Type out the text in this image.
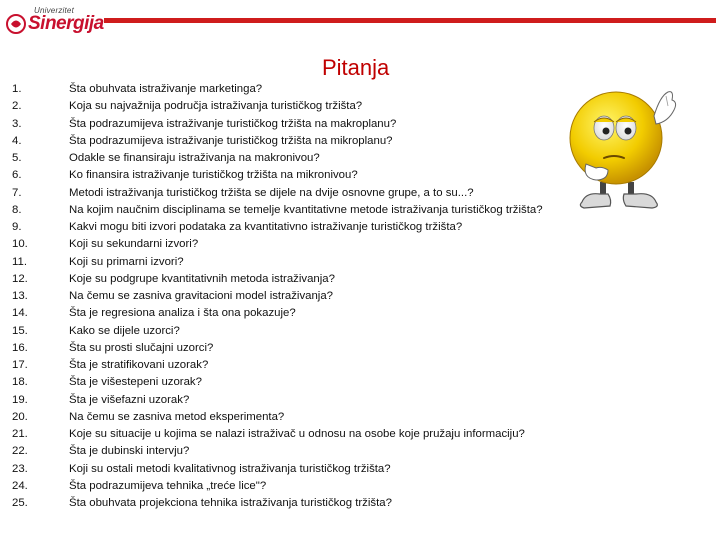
Univerzitet
Sinergija
Pitanja
1.	Šta obuhvata istraživanje marketinga?
2.	Koja su najvažnija područja istraživanja turističkog tržišta?
3.	Šta podrazumijeva istraživanje turističkog tržišta na makroplanu?
4.	Šta podrazumijeva istraživanje turističkog tržišta na mikroplanu?
5.	Odakle se finansiraju istraživanja na makronivou?
6.	Ko finansira istraživanje turističkog tržišta na mikronivou?
7.	Metodi istraživanja turističkog tržišta se dijele na dvije osnovne grupe, a to su...?
8.	Na kojim naučnim disciplinama se temelje kvantitativne metode istraživanja turističkog tržišta?
9.	Kakvi mogu biti izvori podataka za kvantitativno istraživanje turističkog tržišta?
10.	Koji su sekundarni izvori?
11.	Koji su primarni izvori?
12.	Koje su podgrupe kvantitativnih metoda istraživanja?
13.	Na čemu se zasniva gravitacioni model istraživanja?
14.	Šta je regresiona analiza i šta ona pokazuje?
15.	Kako se dijele uzorci?
16.	Šta su prosti slučajni uzorci?
17.	Šta je stratifikovani uzorak?
18.	Šta je višestepeni uzorak?
19.	Šta je višefazni uzorak?
20.	Na čemu se zasniva metod eksperimenta?
21.	Koje su situacije u kojima se nalazi istraživač u odnosu na osobe koje pružaju informaciju?
22.	Šta je dubinski intervju?
23.	Koji su ostali metodi kvalitativnog istraživanja turističkog tržišta?
24.	Šta podrazumijeva tehnika „treće lice"?
25.	Šta obuhvata projekciona tehnika istraživanja turističkog tržišta?
